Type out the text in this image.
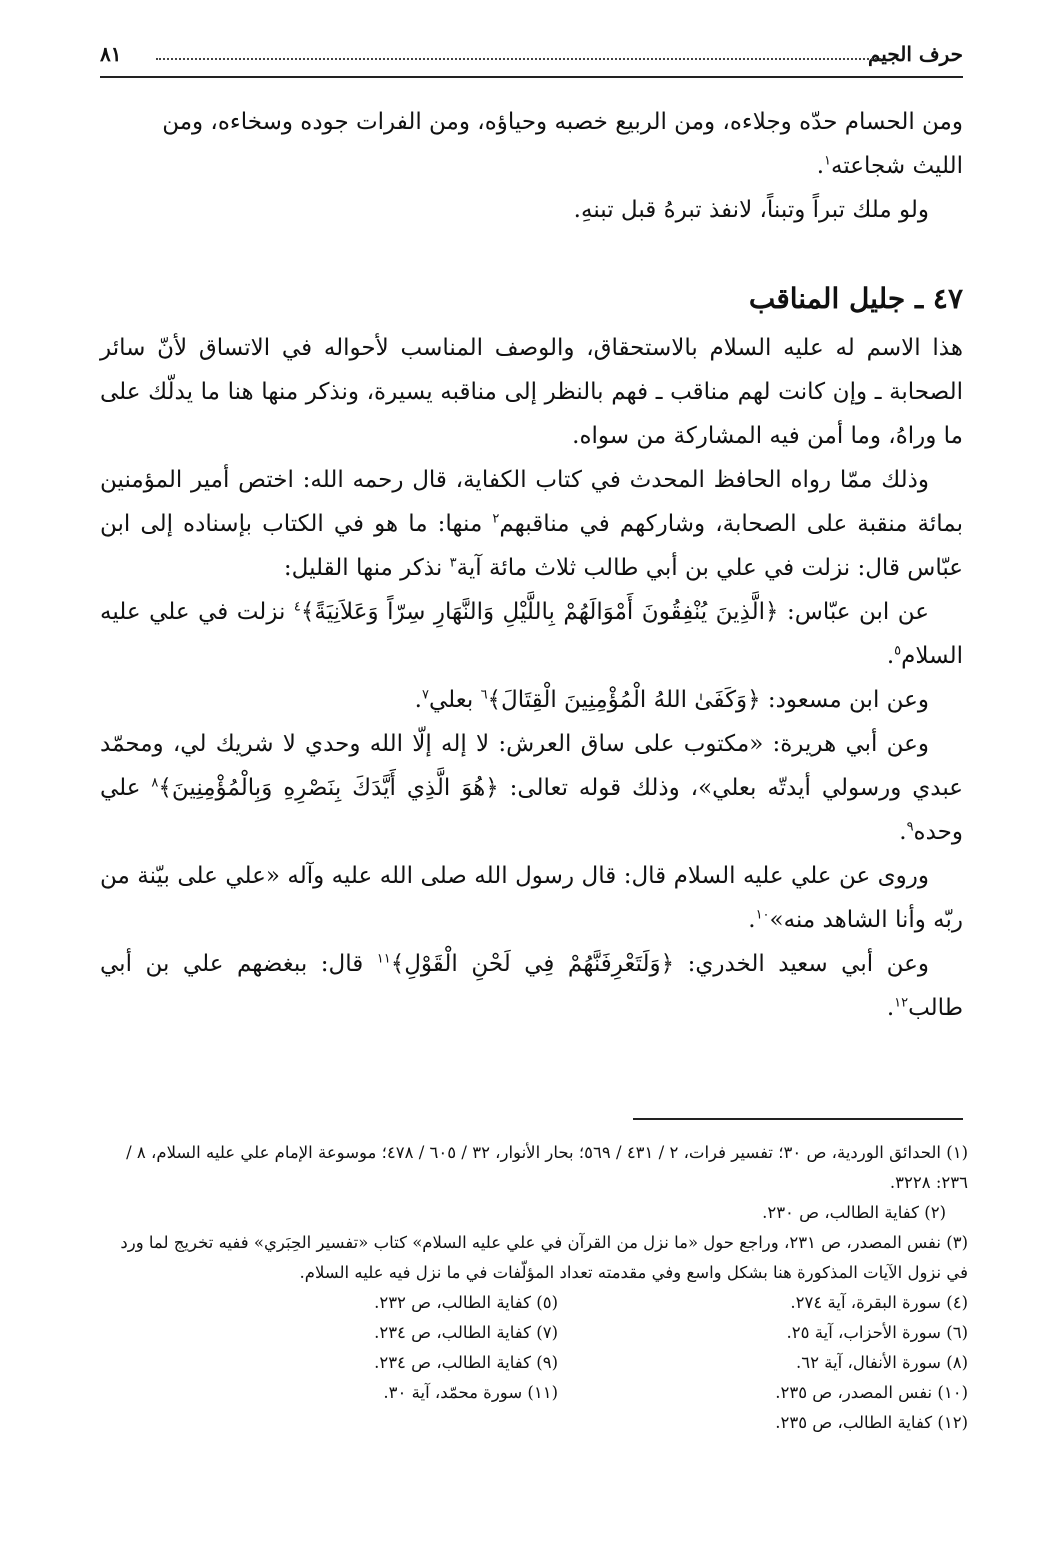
حرف الجيم
٨١

ومن الحسام حدّه وجلاءه، ومن الربيع خصبه وحياؤه، ومن الفرات جوده وسخاءه، ومن
الليث شجاعته$^١$.

ولو ملك تبراً وتبناً، لانفذ تبرهُ قبل تبنهِ.

٤٧ ـ جليل المناقب

هذا الاسم له عليه السلام بالاستحقاق، والوصف المناسب لأحواله في الاتساق لأنّ سائر الصحابة ـ وإن كانت لهم مناقب ـ فهم بالنظر إلى مناقبه يسيرة، ونذكر منها هنا ما يدلّك على ما وراهُ، وما أمن فيه المشاركة من سواه.

وذلك ممّا رواه الحافظ المحدث في كتاب الكفاية، قال رحمه الله: اختص أمير المؤمنين بمائة منقبة على الصحابة، وشاركهم في مناقبهم$^٢$ منها: ما هو في الكتاب بإسناده إلى ابن عبّاس قال: نزلت في علي بن أبي طالب ثلاث مائة آية$^٣$ نذكر منها القليل:

عن ابن عبّاس: ﴿الَّذِينَ يُنْفِقُونَ أَمْوَالَهُمْ بِاللَّيْلِ وَالنَّهَارِ سِرّاً وَعَلاَنِيَةً﴾$^٤$ نزلت في علي عليه السلام$^٥$.

وعن ابن مسعود: ﴿وَكَفَىٰ اللهُ الْمُؤْمِنِينَ الْقِتَالَ﴾$^٦$ بعلي$^٧$.

وعن أبي هريرة: «مكتوب على ساق العرش: لا إله إلّا الله وحدي لا شريك لي، ومحمّد عبدي ورسولي أيدتّه بعلي»، وذلك قوله تعالى: ﴿هُوَ الَّذِي أَيَّدَكَ بِنَصْرِهِ وَبِالْمُؤْمِنِينَ﴾$^٨$ علي وحده$^٩$.

وروى عن علي عليه السلام قال: قال رسول الله صلى الله عليه وآله «علي على بيّنة من ربّه وأنا الشاهد منه»$^{١٠}$.

وعن أبي سعيد الخدري: ﴿وَلَتَعْرِفَنَّهُمْ فِي لَحْنِ الْقَوْلِ﴾$^{١١}$ قال: ببغضهم علي بن أبي طالب$^{١٢}$.

(١) الحدائق الوردية، ص ٣٠؛ تفسير فرات، ٢ / ٤٣١ / ٥٦٩؛ بحار الأنوار، ٣٢ / ٦٠٥ / ٤٧٨؛ موسوعة الإمام علي عليه السلام، ٨ / ٢٣٦: ٣٢٢٨.

(٢) كفاية الطالب، ص ٢٣٠.

(٣) نفس المصدر، ص ٢٣١، وراجع حول «ما نزل من القرآن في علي عليه السلام» كتاب «تفسير الحِبَري» ففيه تخريج لما ورد في نزول الآيات المذكورة هنا بشكل واسع وفي مقدمته تعداد المؤلّفات في ما نزل فيه عليه السلام.

(٤) سورة البقرة، آية ٢٧٤.
(٥) كفاية الطالب، ص ٢٣٢.
(٦) سورة الأحزاب، آية ٢٥.
(٧) كفاية الطالب، ص ٢٣٤.
(٨) سورة الأنفال، آية ٦٢.
(٩) كفاية الطالب، ص ٢٣٤.
(١٠) نفس المصدر، ص ٢٣٥.
(١١) سورة محمّد، آية ٣٠.
(١٢) كفاية الطالب، ص ٢٣٥.
